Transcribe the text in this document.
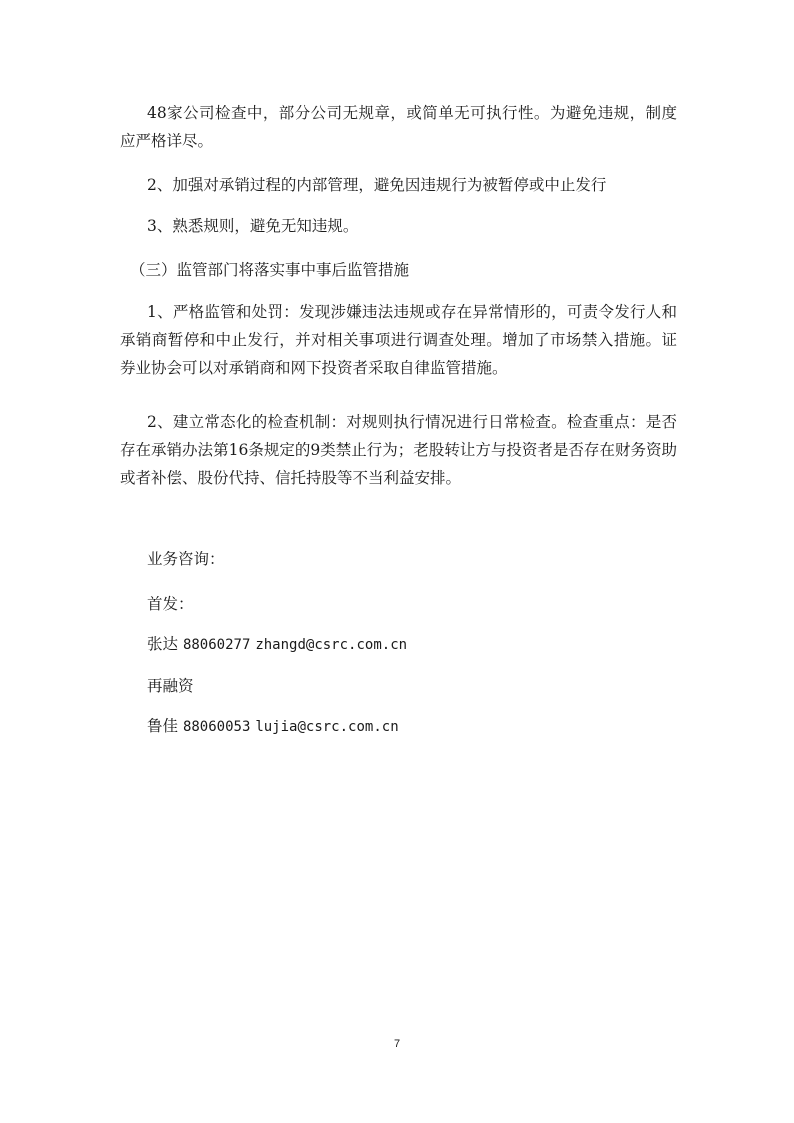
48家公司检查中，部分公司无规章，或简单无可执行性。为避免违规，制度应严格详尽。

2、加强对承销过程的内部管理，避免因违规行为被暂停或中止发行

3、熟悉规则，避免无知违规。

（三）监管部门将落实事中事后监管措施

1、严格监管和处罚：发现涉嫌违法违规或存在异常情形的，可责令发行人和承销商暂停和中止发行，并对相关事项进行调查处理。增加了市场禁入措施。证券业协会可以对承销商和网下投资者采取自律监管措施。

2、建立常态化的检查机制：对规则执行情况进行日常检查。检查重点：是否存在承销办法第16条规定的9类禁止行为；老股转让方与投资者是否存在财务资助或者补偿、股份代持、信托持股等不当利益安排。

业务咨询：

首发：

张达 88060277 zhangd@csrc.com.cn

再融资

鲁佳 88060053 lujia@csrc.com.cn

7
